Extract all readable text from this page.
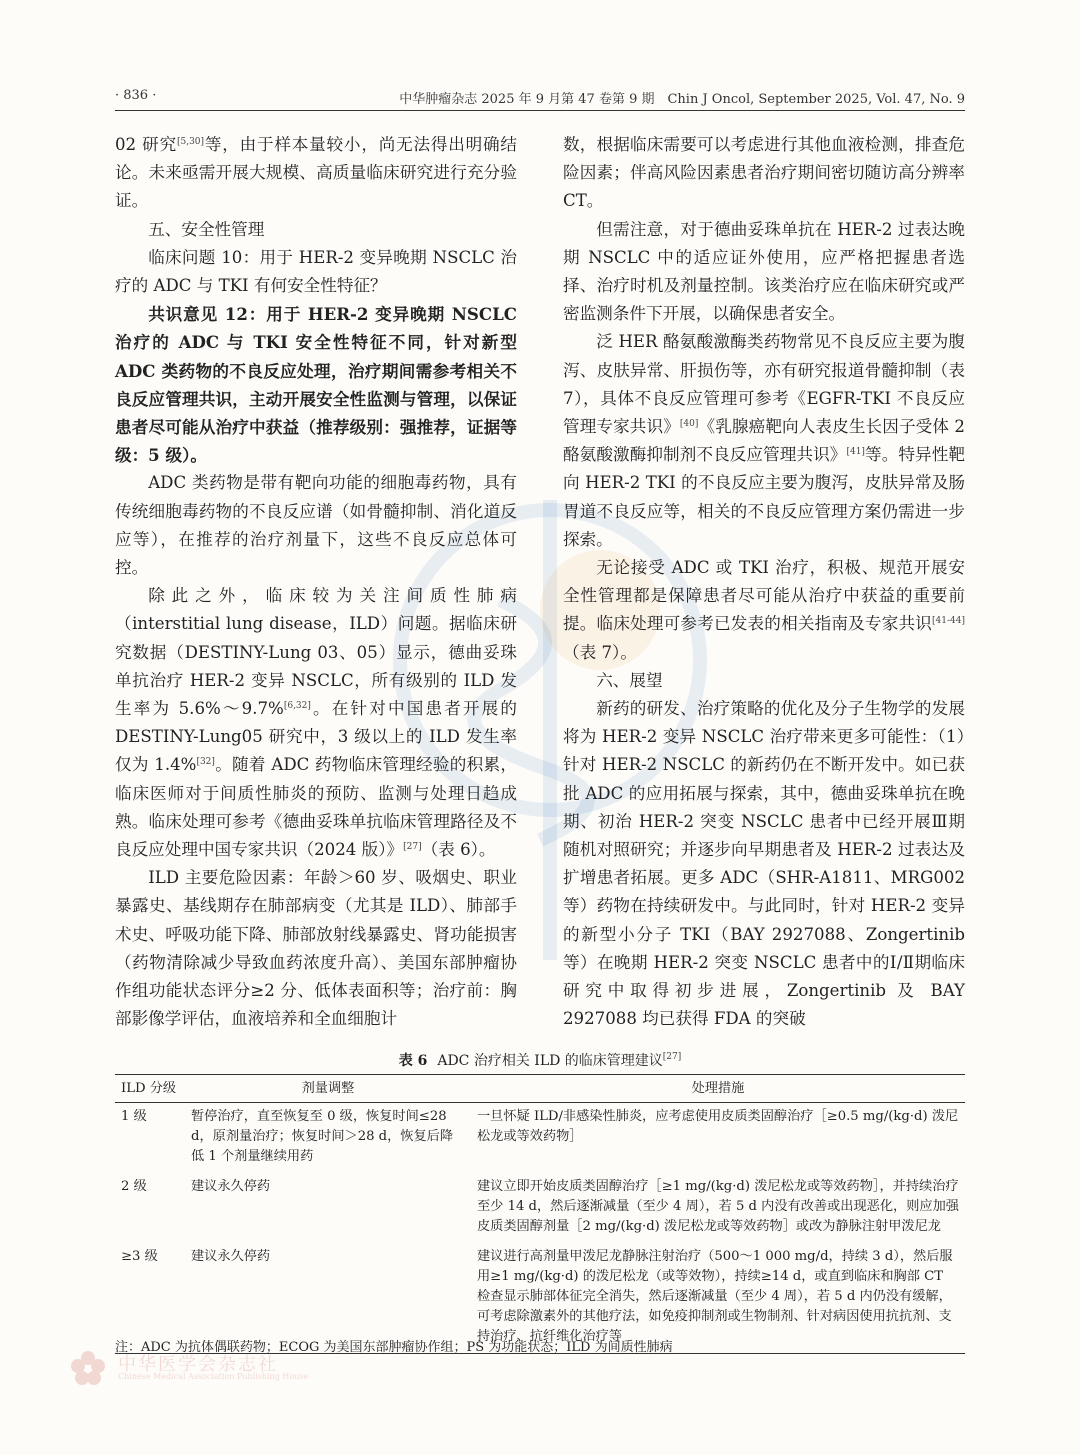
· 836 ·	中华肿瘤杂志 2025 年 9 月第 47 卷第 9 期　Chin J Oncol, September 2025, Vol. 47, No. 9

02 研究[5,30]等，由于样本量较小，尚无法得出明确结论。未来亟需开展大规模、高质量临床研究进行充分验证。

五、安全性管理

临床问题 10：用于 HER-2 变异晚期 NSCLC 治疗的 ADC 与 TKI 有何安全性特征？

共识意见 12：用于 HER-2 变异晚期 NSCLC 治疗的 ADC 与 TKI 安全性特征不同，针对新型 ADC 类药物的不良反应处理，治疗期间需参考相关不良反应管理共识，主动开展安全性监测与管理，以保证患者尽可能从治疗中获益（推荐级别：强推荐，证据等级：5 级）。

ADC 类药物是带有靶向功能的细胞毒药物，具有传统细胞毒药物的不良反应谱（如骨髓抑制、消化道反应等），在推荐的治疗剂量下，这些不良反应总体可控。

除此之外，临床较为关注间质性肺病（interstitial lung disease，ILD）问题。据临床研究数据（DESTINY-Lung 03、05）显示，德曲妥珠单抗治疗 HER-2 变异 NSCLC，所有级别的 ILD 发生率为 5.6%～9.7%[6,32]。在针对中国患者开展的 DESTINY-Lung05 研究中，3 级以上的 ILD 发生率仅为 1.4%[32]。随着 ADC 药物临床管理经验的积累，临床医师对于间质性肺炎的预防、监测与处理日趋成熟。临床处理可参考《德曲妥珠单抗临床管理路径及不良反应处理中国专家共识（2024 版）》[27]（表 6）。

ILD 主要危险因素：年龄＞60 岁、吸烟史、职业暴露史、基线期存在肺部病变（尤其是 ILD）、肺部手术史、呼吸功能下降、肺部放射线暴露史、肾功能损害（药物清除减少导致血药浓度升高）、美国东部肿瘤协作组功能状态评分≥2 分、低体表面积等；治疗前：胸部影像学评估，血液培养和全血细胞计

数，根据临床需要可以考虑进行其他血液检测，排查危险因素；伴高风险因素患者治疗期间密切随访高分辨率 CT。

但需注意，对于德曲妥珠单抗在 HER-2 过表达晚期 NSCLC 中的适应证外使用，应严格把握患者选择、治疗时机及剂量控制。该类治疗应在临床研究或严密监测条件下开展，以确保患者安全。

泛 HER 酪氨酸激酶类药物常见不良反应主要为腹泻、皮肤异常、肝损伤等，亦有研究报道骨髓抑制（表 7），具体不良反应管理可参考《EGFR-TKI 不良反应管理专家共识》[40]《乳腺癌靶向人表皮生长因子受体 2 酪氨酸激酶抑制剂不良反应管理共识》[41]等。特异性靶向 HER-2 TKI 的不良反应主要为腹泻，皮肤异常及肠胃道不良反应等，相关的不良反应管理方案仍需进一步探索。

无论接受 ADC 或 TKI 治疗，积极、规范开展安全性管理都是保障患者尽可能从治疗中获益的重要前提。临床处理可参考已发表的相关指南及专家共识[41-44]（表 7）。

六、展望

新药的研发、治疗策略的优化及分子生物学的发展将为 HER-2 变异 NSCLC 治疗带来更多可能性：（1）针对 HER-2 NSCLC 的新药仍在不断开发中。如已获批 ADC 的应用拓展与探索，其中，德曲妥珠单抗在晚期、初治 HER-2 突变 NSCLC 患者中已经开展Ⅲ期随机对照研究；并逐步向早期患者及 HER-2 过表达及扩增患者拓展。更多 ADC（SHR-A1811、MRG002 等）药物在持续研发中。与此同时，针对 HER-2 变异的新型小分子 TKI（BAY 2927088、Zongertinib 等）在晚期 HER-2 突变 NSCLC 患者中的Ⅰ/Ⅱ期临床研究中取得初步进展，Zongertinib 及 BAY 2927088 均已获得 FDA 的突破

表 6 ADC 治疗相关 ILD 的临床管理建议[27]
ILD 分级	剂量调整	处理措施
1 级	暂停治疗，直至恢复至 0 级，恢复时间≤28 d，原剂量治疗；恢复时间＞28 d，恢复后降低 1 个剂量继续用药	一旦怀疑 ILD/非感染性肺炎，应考虑使用皮质类固醇治疗［≥0.5 mg/(kg·d) 泼尼松龙或等效药物］
2 级	建议永久停药	建议立即开始皮质类固醇治疗［≥1 mg/(kg·d) 泼尼松龙或等效药物］，并持续治疗至少 14 d，然后逐渐减量（至少 4 周），若 5 d 内没有改善或出现恶化，则应加强皮质类固醇剂量［2 mg/(kg·d) 泼尼松龙或等效药物］或改为静脉注射甲泼尼龙
≥3 级	建议永久停药	建议进行高剂量甲泼尼龙静脉注射治疗（500～1 000 mg/d，持续 3 d），然后服用≥1 mg/(kg·d) 的泼尼松龙（或等效物），持续≥14 d，或直到临床和胸部 CT 检查显示肺部体征完全消失，然后逐渐减量（至少 4 周），若 5 d 内仍没有缓解，可考虑除激素外的其他疗法，如免疫抑制剂或生物制剂、针对病因使用抗抗剂、支持治疗、抗纤维化治疗等
注：ADC 为抗体偶联药物；ECOG 为美国东部肿瘤协作组；PS 为功能状态；ILD 为间质性肺病
中华医学会杂志社
Chinese Medical Association Publishing House
